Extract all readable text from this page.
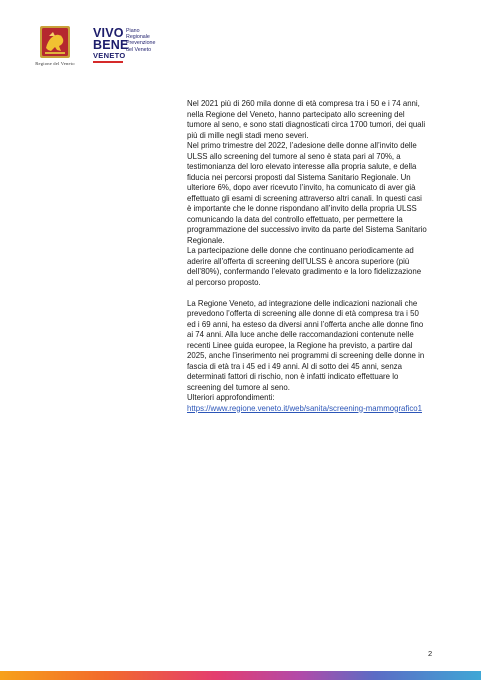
Regione del Veneto
VIVO
BENE
VENETO
Piano
Regionale
Prevenzione
del Veneto

Nel 2021 più di 260 mila donne di età compresa tra i 50 e i 74 anni, nella Regione del Veneto, hanno partecipato allo screening del tumore al seno, e sono stati diagnosticati circa 1700 tumori, dei quali più di mille negli stadi meno severi.

Nel primo trimestre del 2022, l’adesione delle donne all’invito delle ULSS allo screening del tumore al seno è stata pari al 70%, a testimonianza del loro elevato interesse alla propria salute, e della fiducia nei percorsi proposti dal Sistema Sanitario Regionale. Un ulteriore 6%, dopo aver ricevuto l’invito, ha comunicato di aver già effettuato gli esami di screening attraverso altri canali. In questi casi è importante che le donne rispondano all’invito della propria ULSS comunicando la data del controllo effettuato, per permettere la programmazione del successivo invito da parte del Sistema Sanitario Regionale.

La partecipazione delle donne che continuano periodicamente ad aderire all’offerta di screening dell’ULSS è ancora superiore (più dell’80%), confermando l’elevato gradimento e la loro fidelizzazione al percorso proposto.

La Regione Veneto, ad integrazione delle indicazioni nazionali che prevedono l’offerta di screening alle donne di età compresa tra i 50 ed i 69 anni, ha esteso da diversi anni l’offerta anche alle donne fino ai 74 anni. Alla luce anche delle raccomandazioni contenute nelle recenti Linee guida europee, la Regione ha previsto, a partire dal 2025, anche l’inserimento nei programmi di screening delle donne in fascia di età tra i 45 ed i 49 anni. Al di sotto dei 45 anni, senza determinati fattori di rischio, non è infatti indicato effettuare lo screening del tumore al seno.

Ulteriori approfondimenti:

https://www.regione.veneto.it/web/sanita/screening-mammografico1
2
